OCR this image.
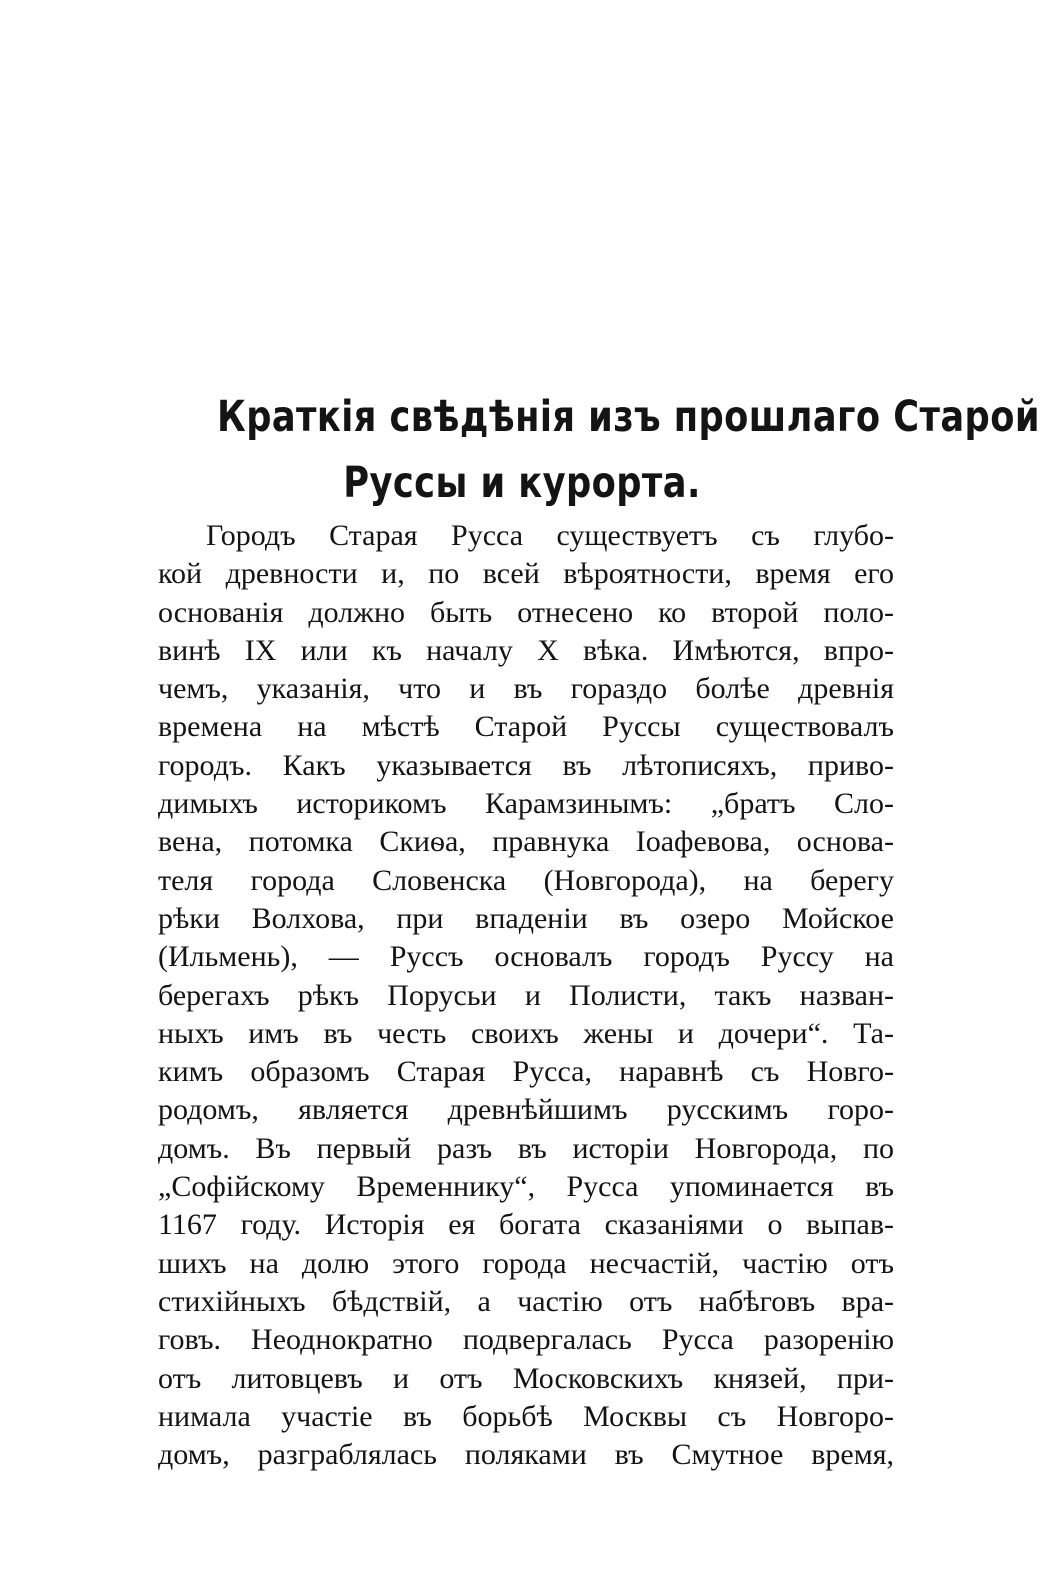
Краткія свѣдѣнія изъ прошлаго Старой
Руссы и курорта.
Городъ Старая Русса существуетъ съ глубо-
кой древности и, по всей вѣроятности, время его
основанія должно быть отнесено ко второй поло-
винѣ IX или къ началу X вѣка. Имѣются, впро-
чемъ, указанія, что и въ гораздо болѣе древнія
времена на мѣстѣ Старой Руссы существовалъ
городъ. Какъ указывается въ лѣтописяхъ, приво-
димыхъ историкомъ Карамзинымъ: „братъ Сло-
вена, потомка Скиѳа, правнука Іоафевова, основа-
теля города Словенска (Новгорода), на берегу
рѣки Волхова, при впаденіи въ озеро Мойское
(Ильмень), — Руссъ основалъ городъ Руссу на
берегахъ рѣкъ Порусьи и Полисти, такъ назван-
ныхъ имъ въ честь своихъ жены и дочери“. Та-
кимъ образомъ Старая Русса, наравнѣ съ Новго-
родомъ, является древнѣйшимъ русскимъ горо-
домъ. Въ первый разъ въ исторіи Новгорода, по
„Софійскому Временнику“, Русса упоминается въ
1167 году. Исторія ея богата сказаніями о выпав-
шихъ на долю этого города несчастій, частію отъ
стихійныхъ бѣдствій, а частію отъ набѣговъ вра-
говъ. Неоднократно подвергалась Русса разоренію
отъ литовцевъ и отъ Московскихъ князей, при-
нимала участіе въ борьбѣ Москвы съ Новгоро-
домъ, разграблялась поляками въ Смутное время,
